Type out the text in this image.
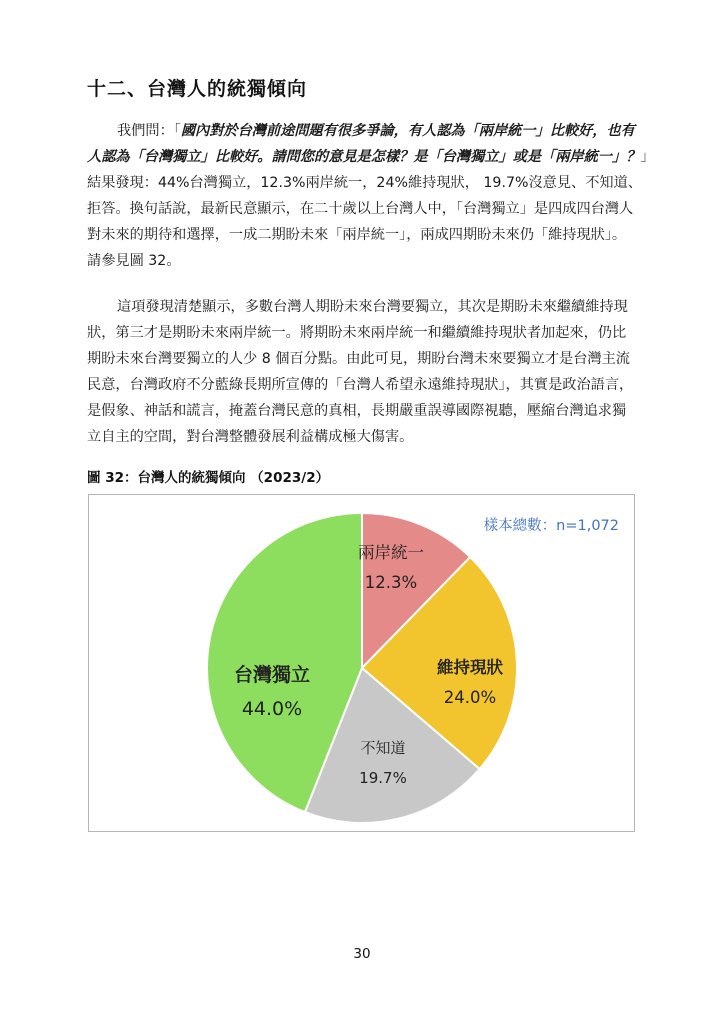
十二、台灣人的統獨傾向
我們問：「國內對於台灣前途問題有很多爭論，有人認為「兩岸統一」比較好，也有
人認為「台灣獨立」比較好。請問您的意見是怎樣？是「台灣獨立」或是「兩岸統一」？」
結果發現：44%台灣獨立，12.3%兩岸統一，24%維持現狀， 19.7%沒意見、不知道、
拒答。換句話說，最新民意顯示，在二十歲以上台灣人中，「台灣獨立」是四成四台灣人
對未來的期待和選擇，一成二期盼未來「兩岸統一」，兩成四期盼未來仍「維持現狀」。
請參見圖 32。
這項發現清楚顯示，多數台灣人期盼未來台灣要獨立，其次是期盼未來繼續維持現
狀，第三才是期盼未來兩岸統一。將期盼未來兩岸統一和繼續維持現狀者加起來，仍比
期盼未來台灣要獨立的人少 8 個百分點。由此可見，期盼台灣未來要獨立才是台灣主流
民意，台灣政府不分藍綠長期所宣傳的「台灣人希望永遠維持現狀」，其實是政治語言，
是假象、神話和謊言，掩蓋台灣民意的真相，長期嚴重誤導國際視聽，壓縮台灣追求獨
立自主的空間，對台灣整體發展利益構成極大傷害。
圖 32：台灣人的統獨傾向 （2023/2）
兩岸統一
12.3%
維持現狀
24.0%
不知道
19.7%
台灣獨立
44.0%
樣本總數：n=1,072
30
